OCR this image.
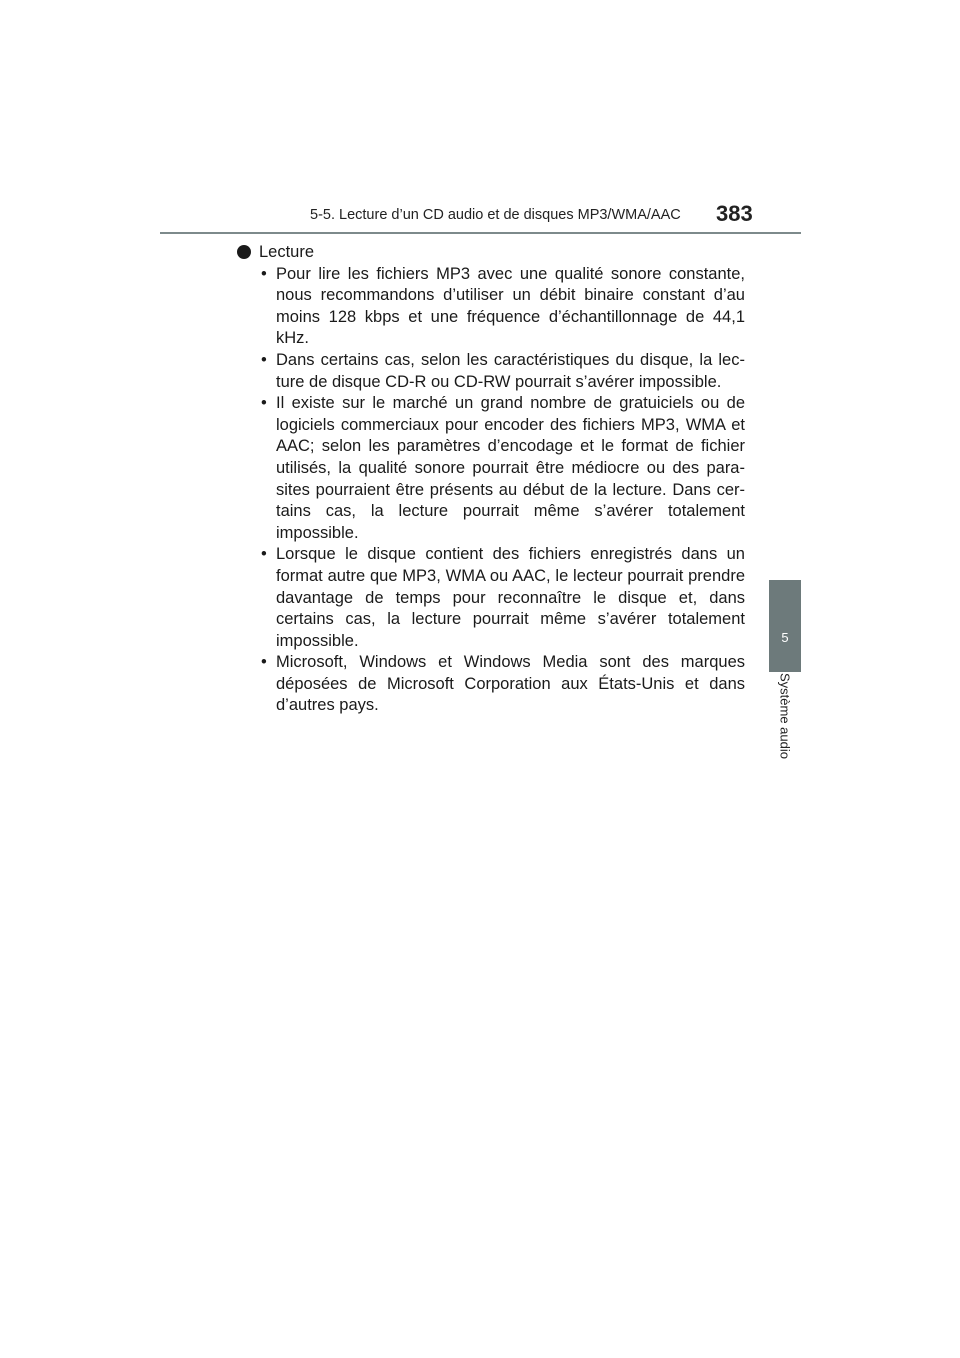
5-5. Lecture d’un CD audio et de disques MP3/WMA/AAC 383
5
Système audio
Lecture
• Pour lire les fichiers MP3 avec une qualité sonore constante, nous recommandons d’utiliser un débit binaire constant d’au moins 128 kbps et une fréquence d’échantillonnage de 44,1 kHz.
• Dans certains cas, selon les caractéristiques du disque, la lecture de disque CD-R ou CD-RW pourrait s’avérer impossible.
• Il existe sur le marché un grand nombre de gratuiciels ou de logiciels commerciaux pour encoder des fichiers MP3, WMA et AAC; selon les paramètres d’encodage et le format de fichier utilisés, la qualité sonore pourrait être médiocre ou des parasites pourraient être présents au début de la lecture. Dans certains cas, la lecture pourrait même s’avérer totalement impossible.
• Lorsque le disque contient des fichiers enregistrés dans un format autre que MP3, WMA ou AAC, le lecteur pourrait prendre davantage de temps pour reconnaître le disque et, dans certains cas, la lecture pourrait même s’avérer totalement impossible.
• Microsoft, Windows et Windows Media sont des marques déposées de Microsoft Corporation aux États-Unis et dans d’autres pays.
